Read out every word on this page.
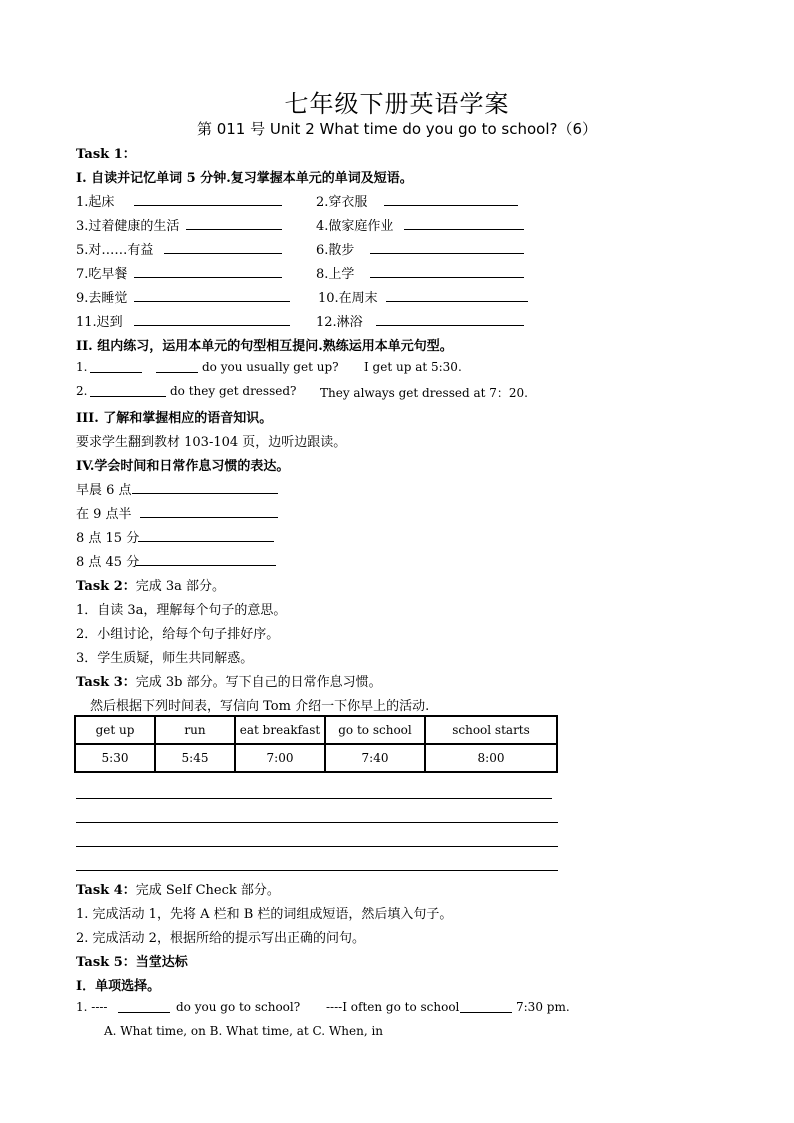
七年级下册英语学案
第 011 号 Unit 2 What time do you go to school?（6）
Task 1：
I. 自读并记忆单词 5 分钟.复习掌握本单元的单词及短语。
1.起床	2.穿衣服
3.过着健康的生活	4.做家庭作业
5.对……有益	6.散步
7.吃早餐	8.上学
9.去睡觉	10.在周末
11.迟到	12.淋浴
II. 组内练习，运用本单元的句型相互提问.熟练运用本单元句型。
1.	do you usually get up? I get up at 5:30.
2.	do they get dressed? They always get dressed at 7：20.
III. 了解和掌握相应的语音知识。
要求学生翻到教材 103-104 页，边听边跟读。
IV.学会时间和日常作息习惯的表达。
早晨 6 点
在 9 点半
8 点 15 分
8 点 45 分
Task 2：完成 3a 部分。
1．自读 3a，理解每个句子的意思。
2．小组讨论，给每个句子排好序。
3．学生质疑，师生共同解惑。
Task 3：完成 3b 部分。写下自己的日常作息习惯。
然后根据下列时间表，写信向 Tom 介绍一下你早上的活动.
get up	run	eat breakfast	go to school	school starts
5:30	5:45	7:00	7:40	8:00
Task 4：完成 Self Check 部分。
1. 完成活动 1，先将 A 栏和 B 栏的词组成短语，然后填入句子。
2. 完成活动 2，根据所给的提示写出正确的问句。
Task 5：当堂达标
I．单项选择。
1. ----	do you go to school? ----I often go to school	7:30 pm.
A. What time, on B. What time, at C. When, in
